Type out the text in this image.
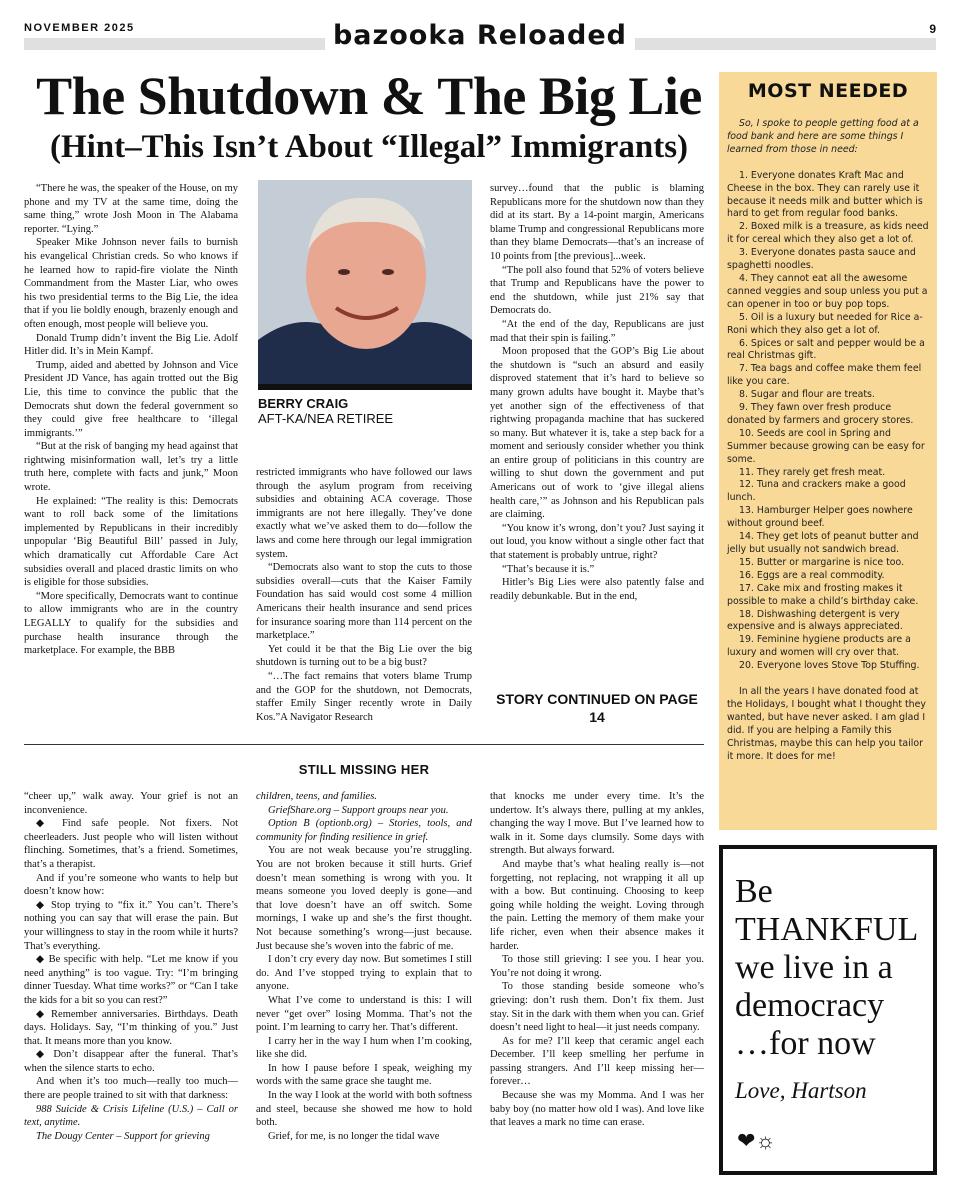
NOVEMBER 2025	bazooka Reloaded	9
The Shutdown & The Big Lie
(Hint–This Isn’t About “Illegal” Immigrants)

“There he was, the speaker of the House, on my phone and my TV at the same time, doing the same thing,” wrote Josh Moon in The Alabama reporter. “Lying.”

Speaker Mike Johnson never fails to burnish his evangelical Christian creds. So who knows if he learned how to rapid-fire violate the Ninth Commandment from the Master Liar, who owes his two presidential terms to the Big Lie, the idea that if you lie boldly enough, brazenly enough and often enough, most people will believe you.

Donald Trump didn’t invent the Big Lie. Adolf Hitler did. It’s in Mein Kampf.

Trump, aided and abetted by Johnson and Vice President JD Vance, has again trotted out the Big Lie, this time to convince the public that the Democrats shut down the federal government so they could give free healthcare to ‘illegal immigrants.’”

“But at the risk of banging my head against that rightwing misinformation wall, let’s try a little truth here, complete with facts and junk,” Moon wrote.

He explained: “The reality is this: Democrats want to roll back some of the limitations implemented by Republicans in their incredibly unpopular ‘Big Beautiful Bill’ passed in July, which dramatically cut Affordable Care Act subsidies overall and placed drastic limits on who is eligible for those subsidies.

“More specifically, Democrats want to continue to allow immigrants who are in the country LEGALLY to qualify for the subsidies and purchase health insurance through the marketplace. For example, the BBB

BERRY CRAIG
AFT-KA/NEA RETIREE

restricted immigrants who have followed our laws through the asylum program from receiving subsidies and obtaining ACA coverage. Those immigrants are not here illegally. They’ve done exactly what we’ve asked them to do—follow the laws and come here through our legal immigration system.

“Democrats also want to stop the cuts to those subsidies overall—cuts that the Kaiser Family Foundation has said would cost some 4 million Americans their health insurance and send prices for insurance soaring more than 114 percent on the marketplace.”

Yet could it be that the Big Lie over the big shutdown is turning out to be a big bust?

“…The fact remains that voters blame Trump and the GOP for the shutdown, not Democrats, staffer Emily Singer recently wrote in Daily Kos.”A Navigator Research

survey…found that the public is blaming Republicans more for the shutdown now than they did at its start. By a 14-point margin, Americans blame Trump and congressional Republicans more than they blame Democrats—that’s an increase of 10 points from [the previous]...week.

“The poll also found that 52% of voters believe that Trump and Republicans have the power to end the shutdown, while just 21% say that Democrats do.

“At the end of the day, Republicans are just mad that their spin is failing.”

Moon proposed that the GOP’s Big Lie about the shutdown is “such an absurd and easily disproved statement that it’s hard to believe so many grown adults have bought it. Maybe that’s yet another sign of the effectiveness of that rightwing propaganda machine that has suckered so many. But whatever it is, take a step back for a moment and seriously consider whether you think an entire group of politicians in this country are willing to shut down the government and put Americans out of work to ‘give illegal aliens health care,’” as Johnson and his Republican pals are claiming.

“You know it’s wrong, don’t you? Just saying it out loud, you know without a single other fact that that statement is probably untrue, right?

“That’s because it is.”

Hitler’s Big Lies were also patently false and readily debunkable. But in the end,

STORY CONTINUED ON PAGE 14
STILL MISSING HER

“cheer up,” walk away. Your grief is not an inconvenience.

◆ Find safe people. Not fixers. Not cheerleaders. Just people who will listen without flinching. Sometimes, that’s a friend. Sometimes, that’s a therapist.

And if you’re someone who wants to help but doesn’t know how:

◆ Stop trying to “fix it.” You can’t. There’s nothing you can say that will erase the pain. But your willingness to stay in the room while it hurts? That’s everything.

◆ Be specific with help. “Let me know if you need anything” is too vague. Try: “I’m bringing dinner Tuesday. What time works?” or “Can I take the kids for a bit so you can rest?”

◆ Remember anniversaries. Birthdays. Death days. Holidays. Say, “I’m thinking of you.” Just that. It means more than you know.

◆ Don’t disappear after the funeral. That’s when the silence starts to echo.

And when it’s too much—really too much—there are people trained to sit with that darkness:

988 Suicide & Crisis Lifeline (U.S.) – Call or text, anytime.

The Dougy Center – Support for grieving

children, teens, and families.

GriefShare.org – Support groups near you.

Option B (optionb.org) – Stories, tools, and community for finding resilience in grief.

You are not weak because you’re struggling. You are not broken because it still hurts. Grief doesn’t mean something is wrong with you. It means someone you loved deeply is gone—and that love doesn’t have an off switch. Some mornings, I wake up and she’s the first thought. Not because something’s wrong—just because. Just because she’s woven into the fabric of me.

I don’t cry every day now. But sometimes I still do. And I’ve stopped trying to explain that to anyone.

What I’ve come to understand is this: I will never “get over” losing Momma. That’s not the point. I’m learning to carry her. That’s different.

I carry her in the way I hum when I’m cooking, like she did.

In how I pause before I speak, weighing my words with the same grace she taught me.

In the way I look at the world with both softness and steel, because she showed me how to hold both.

Grief, for me, is no longer the tidal wave

that knocks me under every time. It’s the undertow. It’s always there, pulling at my ankles, changing the way I move. But I’ve learned how to walk in it. Some days clumsily. Some days with strength. But always forward.

And maybe that’s what healing really is—not forgetting, not replacing, not wrapping it all up with a bow. But continuing. Choosing to keep going while holding the weight. Loving through the pain. Letting the memory of them make your life richer, even when their absence makes it harder.

To those still grieving: I see you. I hear you. You’re not doing it wrong.

To those standing beside someone who’s grieving: don’t rush them. Don’t fix them. Just stay. Sit in the dark with them when you can. Grief doesn’t need light to heal—it just needs company.

As for me? I’ll keep that ceramic angel each December. I’ll keep smelling her perfume in passing strangers. And I’ll keep missing her—forever…

Because she was my Momma. And I was her baby boy (no matter how old I was). And love like that leaves a mark no time can erase.

MOST NEEDED

So, I spoke to people getting food at a food bank and here are some things I learned from those in need:

1. Everyone donates Kraft Mac and Cheese in the box. They can rarely use it because it needs milk and butter which is hard to get from regular food banks.

2. Boxed milk is a treasure, as kids need it for cereal which they also get a lot of.

3. Everyone donates pasta sauce and spaghetti noodles.

4. They cannot eat all the awesome canned veggies and soup unless you put a can opener in too or buy pop tops.

5. Oil is a luxury but needed for Rice a-Roni which they also get a lot of.

6. Spices or salt and pepper would be a real Christmas gift.

7. Tea bags and coffee make them feel like you care.

8. Sugar and flour are treats.

9. They fawn over fresh produce donated by farmers and grocery stores.

10. Seeds are cool in Spring and Summer because growing can be easy for some.

11. They rarely get fresh meat.

12. Tuna and crackers make a good lunch.

13. Hamburger Helper goes nowhere without ground beef.

14. They get lots of peanut butter and jelly but usually not sandwich bread.

15. Butter or margarine is nice too.

16. Eggs are a real commodity.

17. Cake mix and frosting makes it possible to make a child’s birthday cake.

18. Dishwashing detergent is very expensive and is always appreciated.

19. Feminine hygiene products are a luxury and women will cry over that.

20. Everyone loves Stove Top Stuffing.

In all the years I have donated food at the Holidays, I bought what I thought they wanted, but have never asked. I am glad I did. If you are helping a Family this Christmas, maybe this can help you tailor it more. It does for me!

Be THANKFUL we live in a democracy …for now
Love, Hartson
❤☼
